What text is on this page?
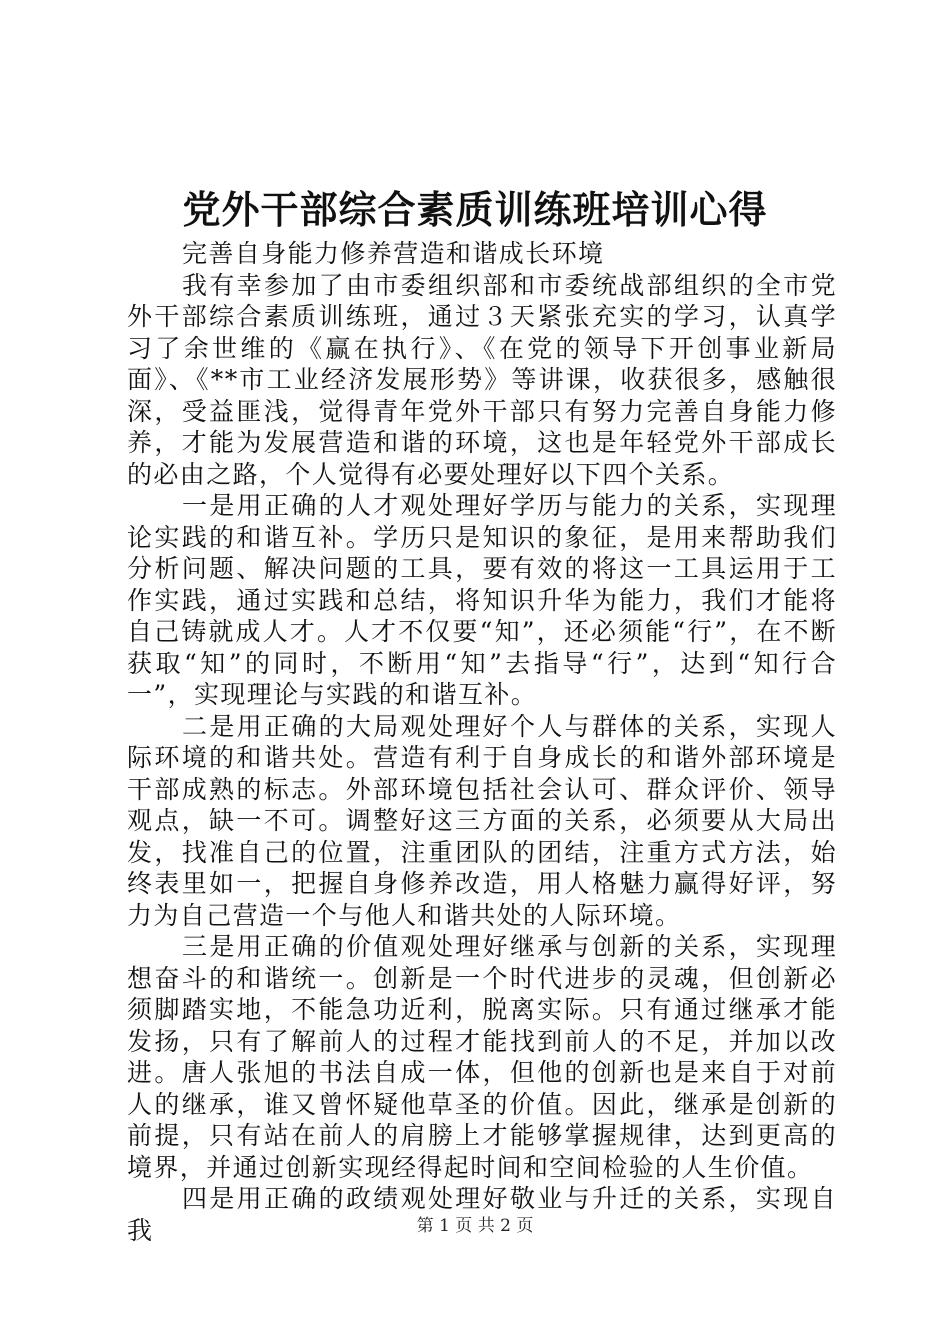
党外干部综合素质训练班培训心得

完善自身能力修养营造和谐成长环境

我有幸参加了由市委组织部和市委统战部组织的全市党外干部综合素质训练班，通过３天紧张充实的学习，认真学习了余世维的《赢在执行》、《在党的领导下开创事业新局面》、《**市工业经济发展形势》等讲课，收获很多，感触很深，受益匪浅，觉得青年党外干部只有努力完善自身能力修养，才能为发展营造和谐的环境，这也是年轻党外干部成长的必由之路，个人觉得有必要处理好以下四个关系。

一是用正确的人才观处理好学历与能力的关系，实现理论实践的和谐互补。学历只是知识的象征，是用来帮助我们分析问题、解决问题的工具，要有效的将这一工具运用于工作实践，通过实践和总结，将知识升华为能力，我们才能将自己铸就成人才。人才不仅要“知”，还必须能“行”，在不断获取“知”的同时，不断用“知”去指导“行”，达到“知行合一”，实现理论与实践的和谐互补。

二是用正确的大局观处理好个人与群体的关系，实现人际环境的和谐共处。营造有利于自身成长的和谐外部环境是干部成熟的标志。外部环境包括社会认可、群众评价、领导观点，缺一不可。调整好这三方面的关系，必须要从大局出发，找准自己的位置，注重团队的团结，注重方式方法，始终表里如一，把握自身修养改造，用人格魅力赢得好评，努力为自己营造一个与他人和谐共处的人际环境。

三是用正确的价值观处理好继承与创新的关系，实现理想奋斗的和谐统一。创新是一个时代进步的灵魂，但创新必须脚踏实地，不能急功近利，脱离实际。只有通过继承才能发扬，只有了解前人的过程才能找到前人的不足，并加以改进。唐人张旭的书法自成一体，但他的创新也是来自于对前人的继承，谁又曾怀疑他草圣的价值。因此，继承是创新的前提，只有站在前人的肩膀上才能够掌握规律，达到更高的境界，并通过创新实现经得起时间和空间检验的人生价值。

四是用正确的政绩观处理好敬业与升迁的关系，实现自我	第 1 页 共 2 页
